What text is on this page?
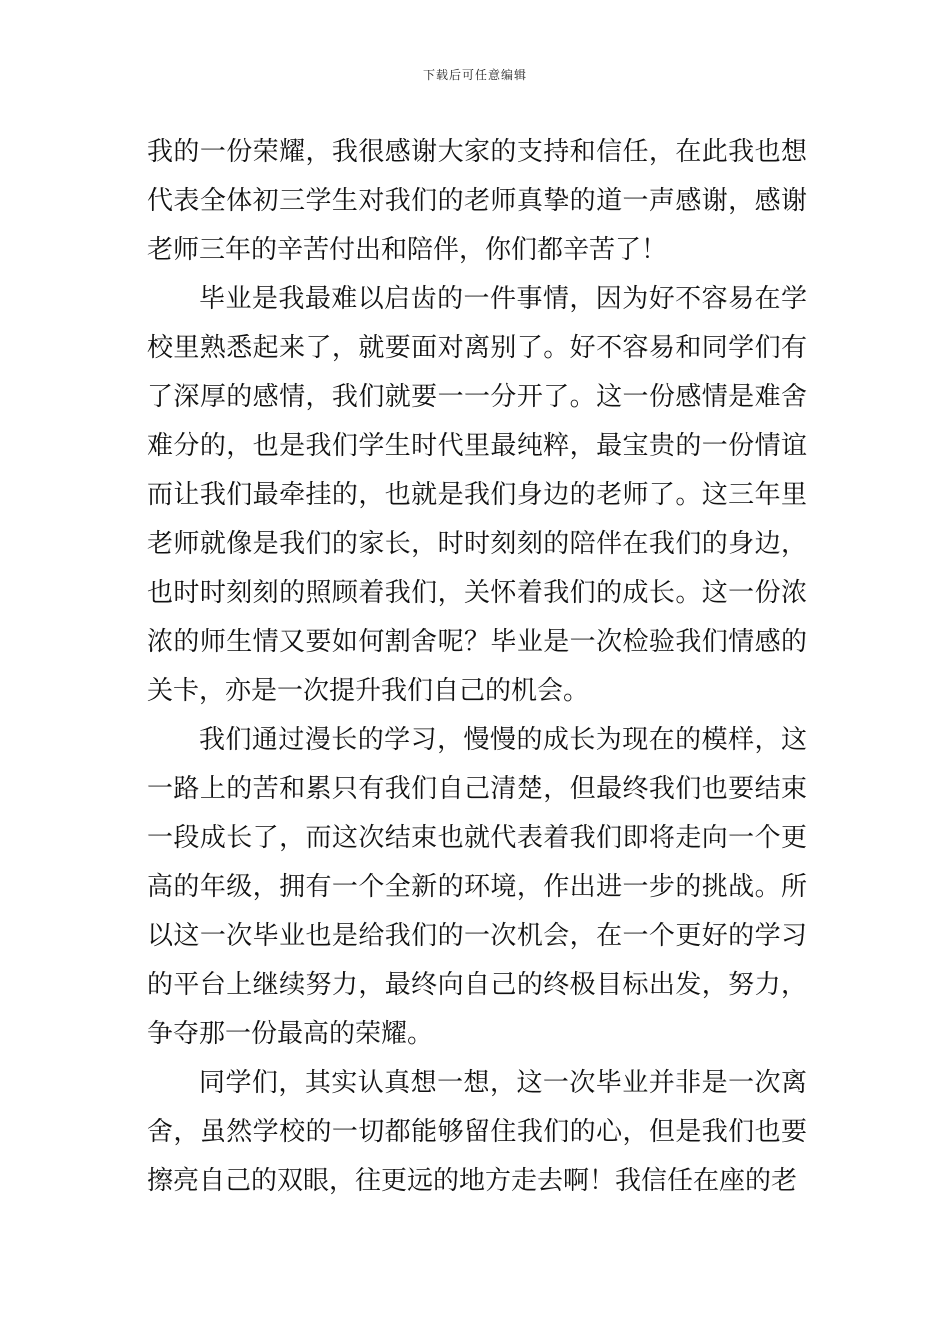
下载后可任意编辑

我的一份荣耀，我很感谢大家的支持和信任，在此我也想代表全体初三学生对我们的老师真挚的道一声感谢，感谢老师三年的辛苦付出和陪伴，你们都辛苦了！

毕业是我最难以启齿的一件事情，因为好不容易在学校里熟悉起来了，就要面对离别了。好不容易和同学们有了深厚的感情，我们就要一一分开了。这一份感情是难舍难分的，也是我们学生时代里最纯粹，最宝贵的一份情谊而让我们最牵挂的，也就是我们身边的老师了。这三年里老师就像是我们的家长，时时刻刻的陪伴在我们的身边，也时时刻刻的照顾着我们，关怀着我们的成长。这一份浓浓的师生情又要如何割舍呢？毕业是一次检验我们情感的关卡，亦是一次提升我们自己的机会。

我们通过漫长的学习，慢慢的成长为现在的模样，这一路上的苦和累只有我们自己清楚，但最终我们也要结束一段成长了，而这次结束也就代表着我们即将走向一个更高的年级，拥有一个全新的环境，作出进一步的挑战。所以这一次毕业也是给我们的一次机会，在一个更好的学习的平台上继续努力，最终向自己的终极目标出发，努力，争夺那一份最高的荣耀。

同学们，其实认真想一想，这一次毕业并非是一次离舍，虽然学校的一切都能够留住我们的心，但是我们也要擦亮自己的双眼，往更远的地方走去啊！我信任在座的老
